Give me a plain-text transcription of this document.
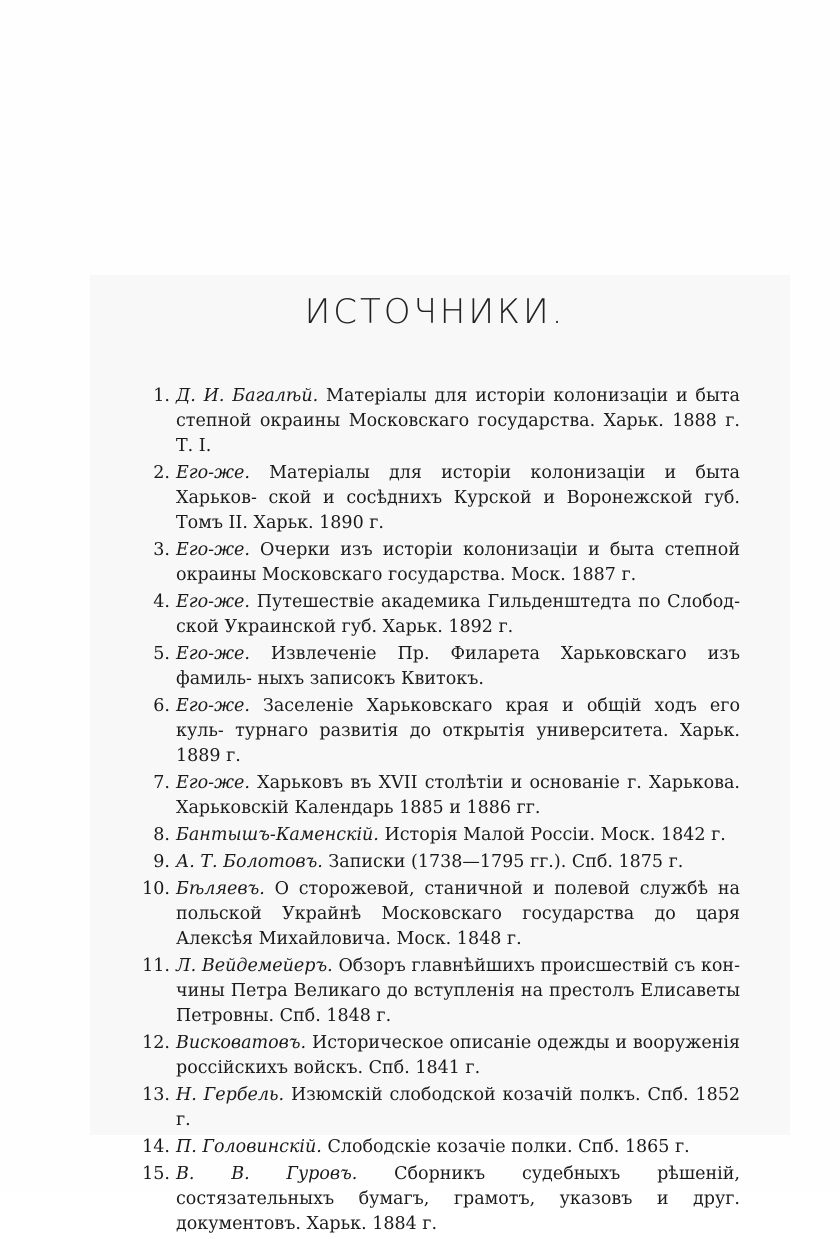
ИСТОЧНИКИ.
1. Д. И. Багалѣй. Матеріалы для исторіи колонизаціи и быта степной окраины Московскаго государства. Харьк. 1888 г. Т. I.
2. Его-же. Матеріалы для исторіи колонизаціи и быта Харьков- ской и сосѣднихъ Курской и Воронежской губ. Томъ II. Харьк. 1890 г.
3. Его-же. Очерки изъ исторіи колонизаціи и быта степной окраины Московскаго государства. Моск. 1887 г.
4. Его-же. Путешествіе академика Гильденштедта по Слобод- ской Украинской губ. Харьк. 1892 г.
5. Его-же. Извлеченіе Пр. Филарета Харьковскаго изъ фамиль- ныхъ записокъ Квитокъ.
6. Его-же. Заселеніе Харьковскаго края и общій ходъ его куль- турнаго развитія до открытія университета. Харьк. 1889 г.
7. Его-же. Харьковъ въ XVII столѣтіи и основаніе г. Харькова. Харьковскій Календарь 1885 и 1886 гг.
8. Бантышъ-Каменскій. Исторія Малой Россіи. Моск. 1842 г.
9. А. Т. Болотовъ. Записки (1738—1795 гг.). Спб. 1875 г.
10. Бѣляевъ. О сторожевой, станичной и полевой службѣ на польской Украйнѣ Московскаго государства до царя Алексѣя Михайловича. Моск. 1848 г.
11. Л. Вейдемейеръ. Обзоръ главнѣйшихъ происшествій съ кон- чины Петра Великаго до вступленія на престолъ Елисаветы Петровны. Спб. 1848 г.
12. Висковатовъ. Историческое описаніе одежды и вооруженія россійскихъ войскъ. Спб. 1841 г.
13. Н. Гербель. Изюмскій слободской козачій полкъ. Спб. 1852 г.
14. П. Головинскій. Слободскіе козачіе полки. Спб. 1865 г.
15. В. В. Гуровъ. Сборникъ судебныхъ рѣшеній, состязательныхъ бумагъ, грамотъ, указовъ и друг. документовъ. Харьк. 1884 г.
